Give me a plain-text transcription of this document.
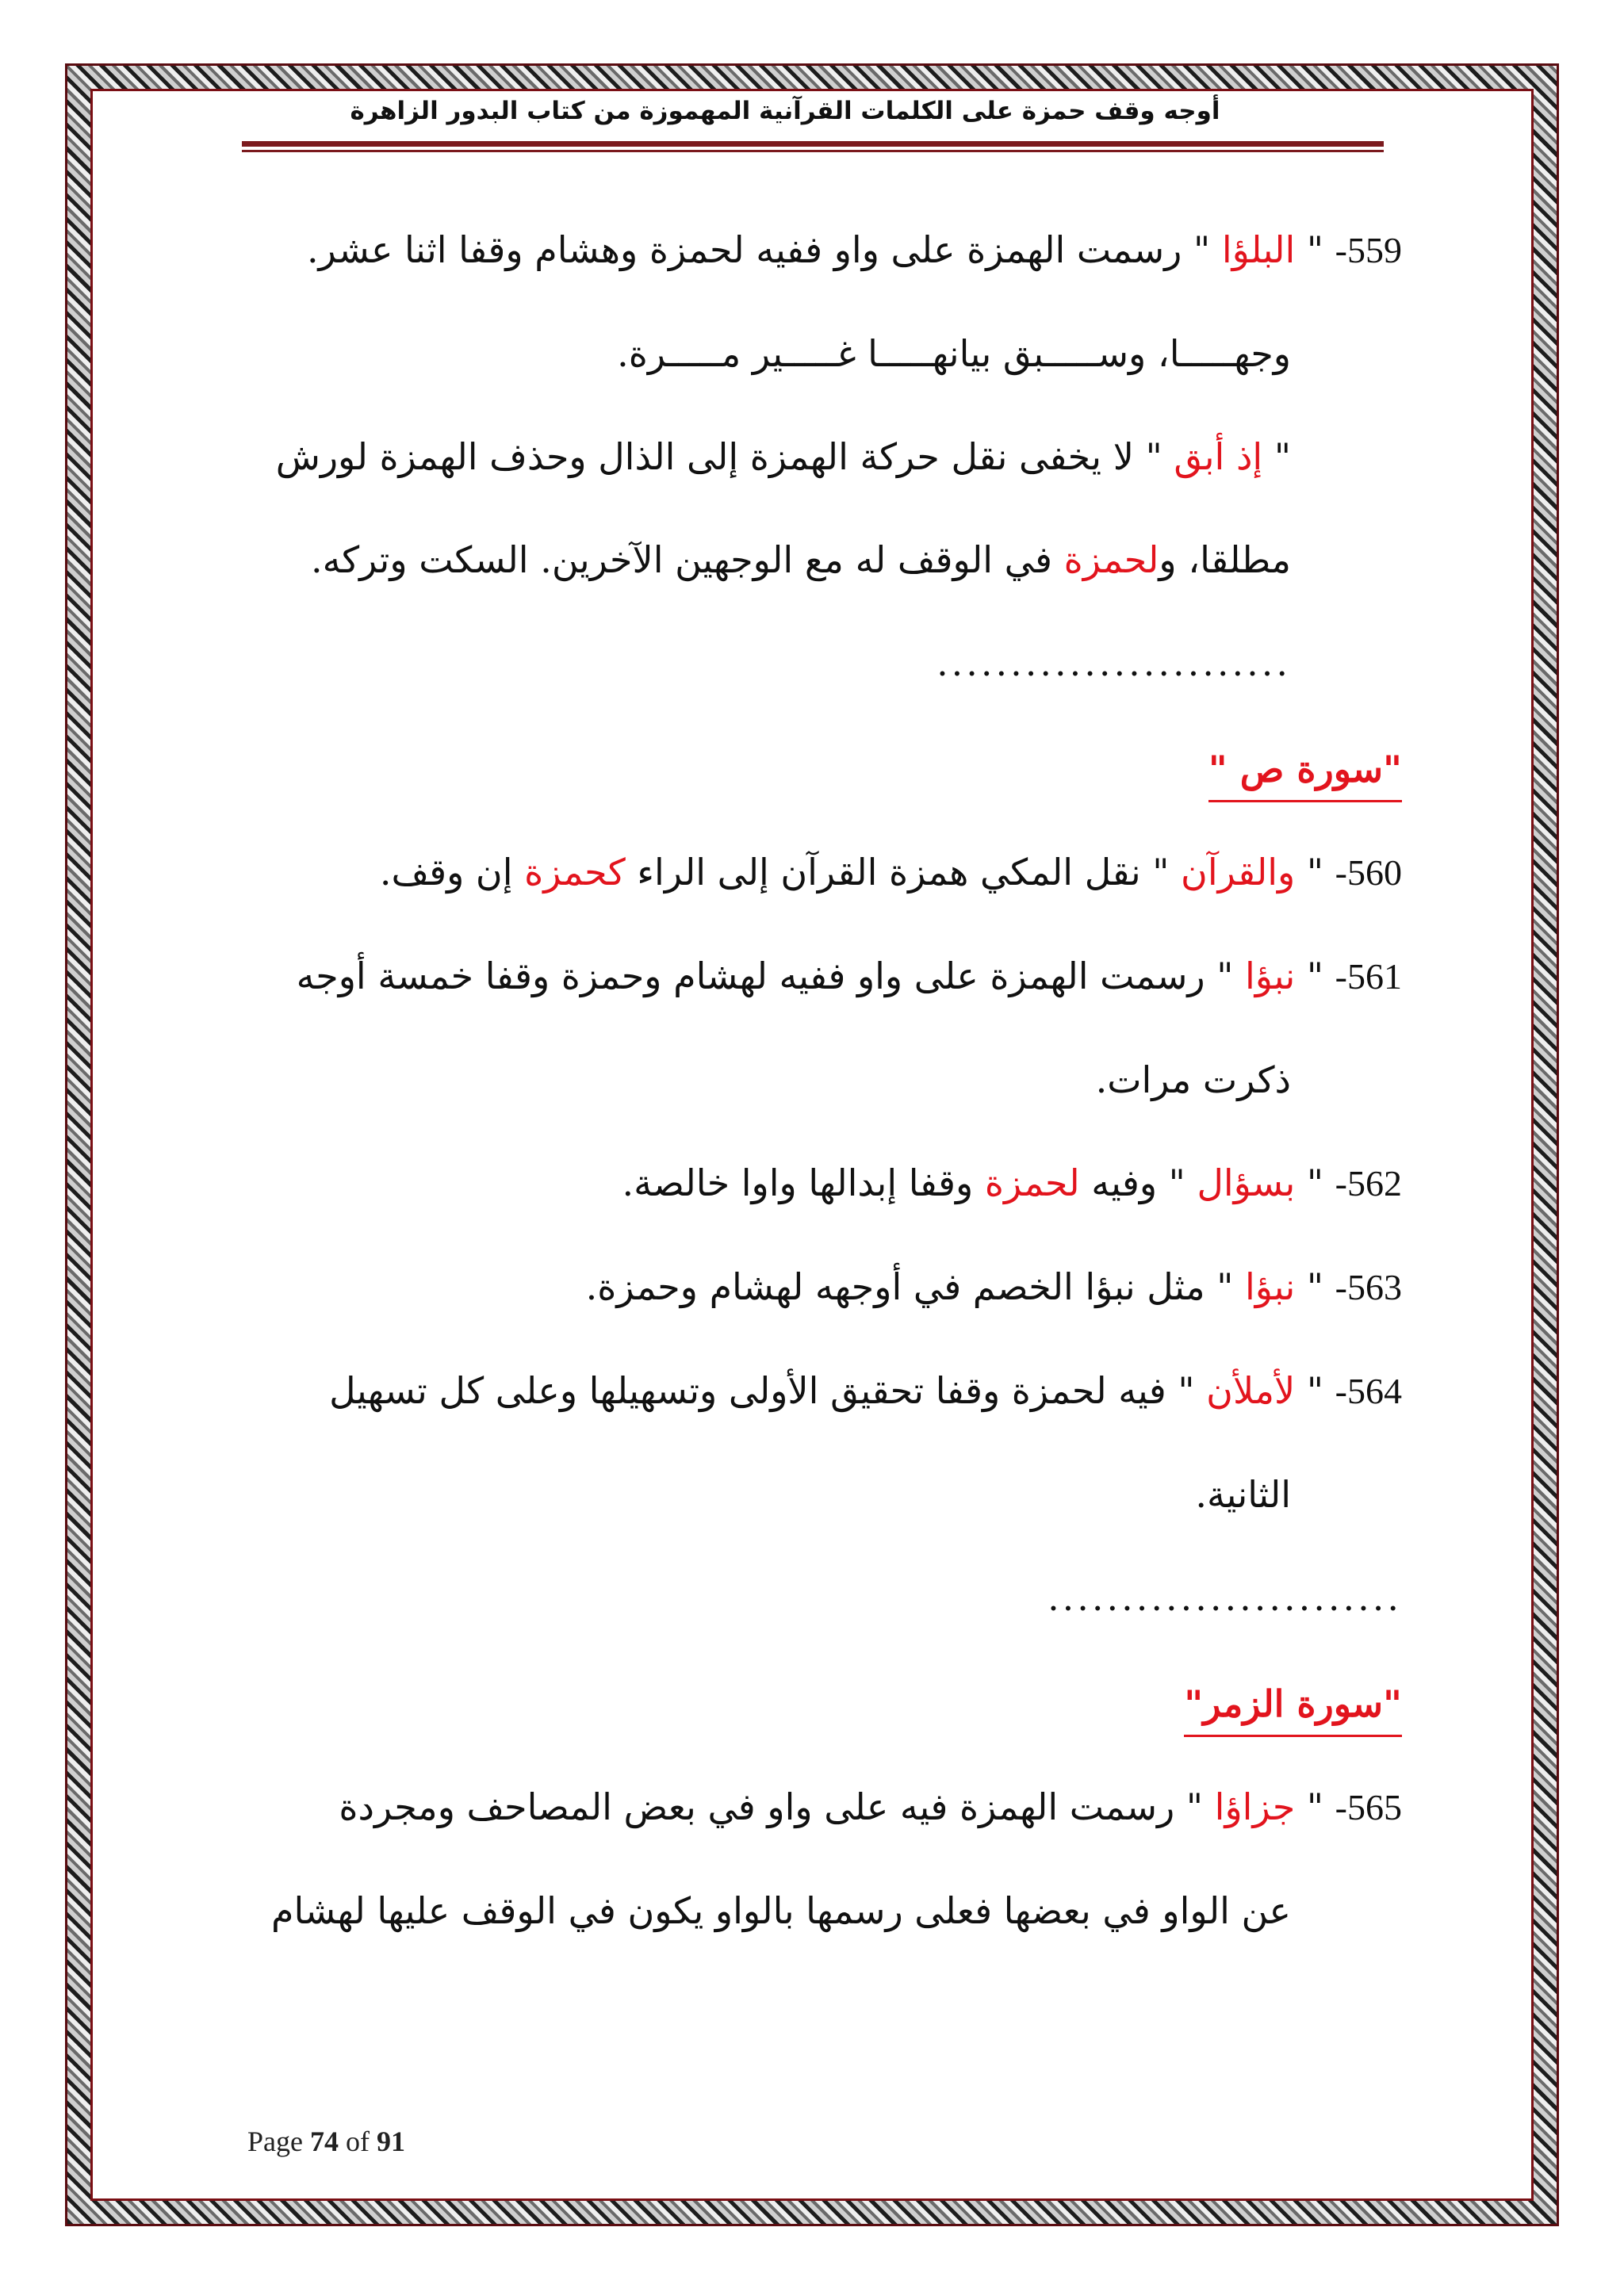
أوجه وقف حمزة على الكلمات القرآنية المهموزة من كتاب البدور الزاهرة

559- " البلؤا " رسمت الهمزة على واو ففيه لحمزة وهشام وقفا اثنا عشر.

وجهـــــا، وســـــبق بيانهـــــا غـــــير مـــــرة.

" إذ أبق " لا يخفى نقل حركة الهمزة إلى الذال وحذف الهمزة لورش

مطلقا، ولحمزة في الوقف له مع الوجهين الآخرين. السكت وتركه.

........................

"سورة ص "

560- " والقرآن " نقل المكي همزة القرآن إلى الراء كحمزة إن وقف.

561- " نبؤا " رسمت الهمزة على واو ففيه لهشام وحمزة وقفا خمسة أوجه

ذكرت مرات.

562- " بسؤال " وفيه لحمزة وقفا إبدالها واوا خالصة.

563- " نبؤا " مثل نبؤا الخصم في أوجهه لهشام وحمزة.

564- " لأملأن " فيه لحمزة وقفا تحقيق الأولى وتسهيلها وعلى كل تسهيل

الثانية.

........................

"سورة الزمر"

565- " جزاؤا " رسمت الهمزة فيه على واو في بعض المصاحف ومجردة

عن الواو في بعضها فعلى رسمها بالواو يكون في الوقف عليها لهشام

Page 74 of 91
